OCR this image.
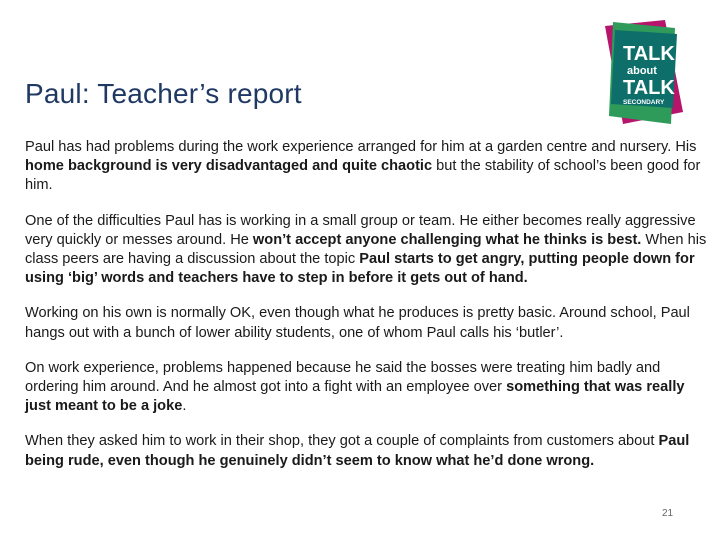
Paul: Teacher’s report
TALK
about
TALK
SECONDARY

Paul has had problems during the work experience arranged for him at a garden centre and nursery. His home background is very disadvantaged and quite chaotic but the stability of school’s been good for him.

One of the difficulties Paul has is working in a small group or team. He either becomes really aggressive very quickly or messes around. He won’t accept anyone challenging what he thinks is best. When his class peers are having a discussion about the topic Paul starts to get angry, putting people down for using ‘big’ words and teachers have to step in before it gets out of hand.

Working on his own is normally OK, even though what he produces is pretty basic. Around school, Paul hangs out with a bunch of lower ability students, one of whom Paul calls his ‘butler’.

On work experience, problems happened because he said the bosses were treating him badly and ordering him around. And he almost got into a fight with an employee over something that was really just meant to be a joke.

When they asked him to work in their shop, they got a couple of complaints from customers about Paul being rude, even though he genuinely didn’t seem to know what he’d done wrong.

21
